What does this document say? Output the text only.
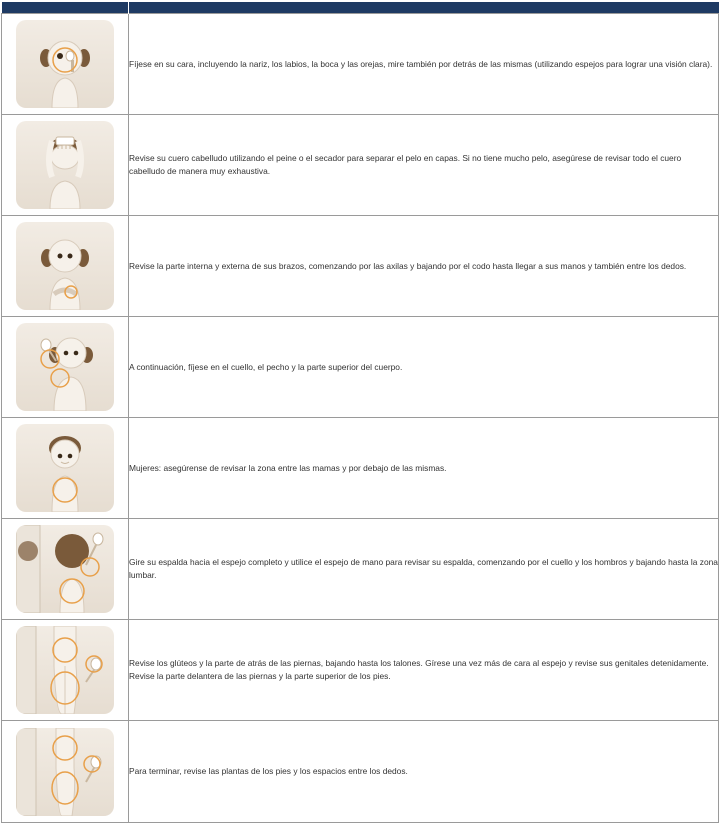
	Fíjese en su cara, incluyendo la nariz, los labios, la boca y las orejas, mire también por detrás de las mismas (utilizando espejos para lograr una visión clara).

	Revise su cuero cabelludo utilizando el peine o el secador para separar el pelo en capas. Si no tiene mucho pelo, asegúrese de revisar todo el cuero cabelludo de manera muy exhaustiva.

	Revise la parte interna y externa de sus brazos, comenzando por las axilas y bajando por el codo hasta llegar a sus manos y también entre los dedos.

	A continuación, fíjese en el cuello, el pecho y la parte superior del cuerpo.

	Mujeres: asegúrense de revisar la zona entre las mamas y por debajo de las mismas.

	Gire su espalda hacia el espejo completo y utilice el espejo de mano para revisar su espalda, comenzando por el cuello y los hombros y bajando hasta la zona lumbar.

	Revise los glúteos y la parte de atrás de las piernas, bajando hasta los talones. Gírese una vez más de cara al espejo y revise sus genitales detenidamente. Revise la parte delantera de las piernas y la parte superior de los pies.

	Para terminar, revise las plantas de los pies y los espacios entre los dedos.
